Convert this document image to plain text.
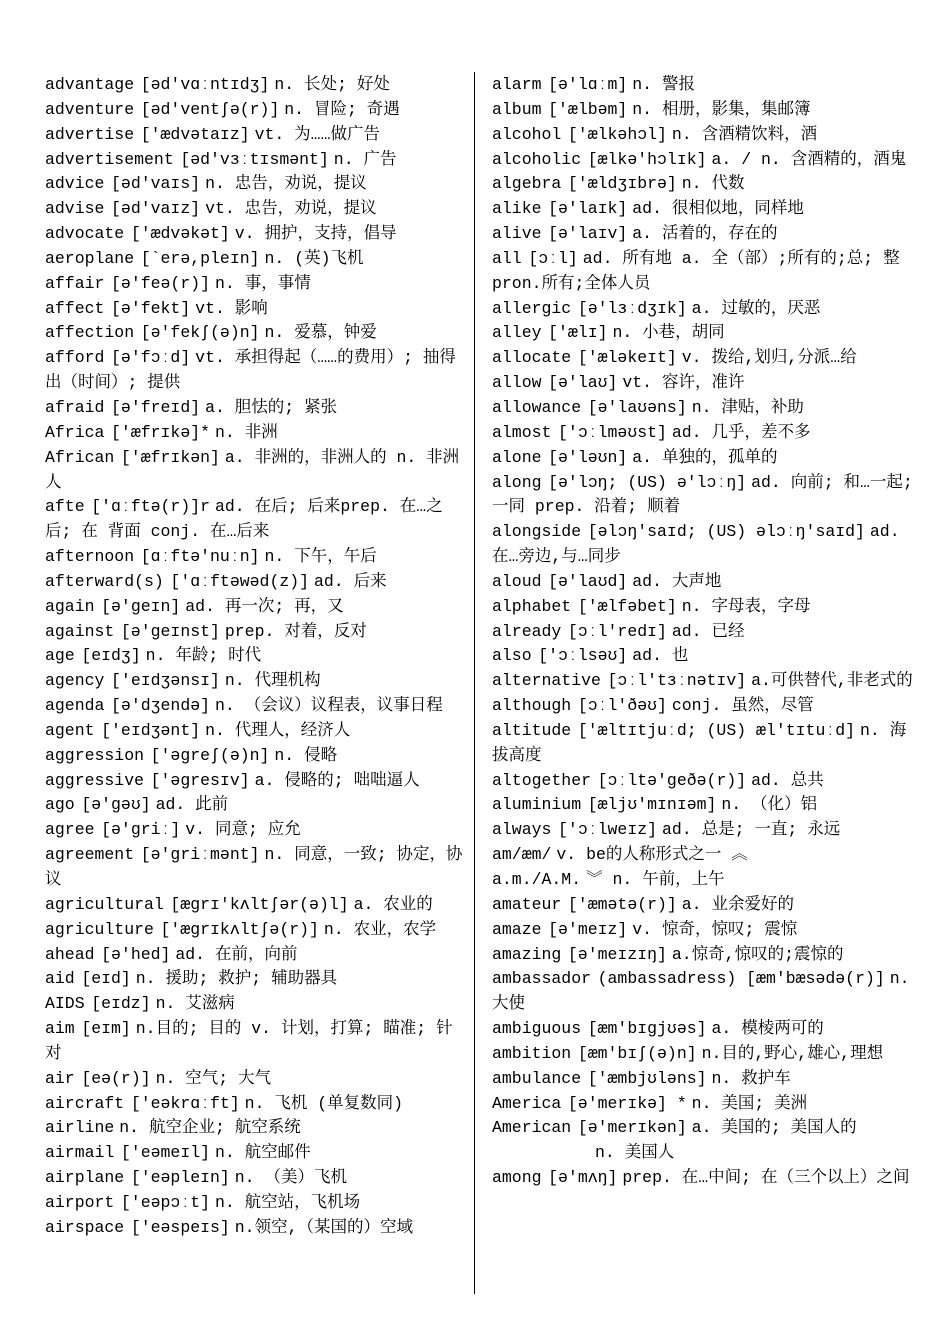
advantage [əd'vɑːntɪdʒ] n. 长处; 好处

adventure [əd'ventʃə(r)] n. 冒险; 奇遇

advertise ['ædvətaɪz] vt. 为……做广告

advertisement [əd'vɜːtɪsmənt] n. 广告

advice [əd'vaɪs] n. 忠告，劝说，提议

advise [əd'vaɪz] vt. 忠告，劝说，提议

advocate ['ædvəkət] v. 拥护，支持，倡导

aeroplane [`erə,pleɪn] n. (英)飞机

affair [ə'feə(r)] n. 事，事情

affect [ə'fekt] vt. 影响

affection [ə'fekʃ(ə)n] n. 爱慕，钟爱

afford [ə'fɔːd] vt. 承担得起（……的费用）; 抽得出（时间）; 提供

afraid [ə'freɪd] a. 胆怯的; 紧张

Africa ['æfrɪkə]* n. 非洲

African ['æfrɪkən] a. 非洲的，非洲人的 n. 非洲人

afte ['ɑːftə(r)]r ad. 在后; 后来prep. 在…之后; 在 背面 conj. 在…后来

afternoon [ɑːftə'nuːn] n. 下午，午后

afterward(s) ['ɑːftəwəd(z)] ad. 后来

again [ə'geɪn] ad. 再一次; 再，又

against [ə'geɪnst] prep. 对着，反对

age [eɪdʒ] n. 年龄; 时代

agency ['eɪdʒənsɪ] n. 代理机构

agenda [ə'dʒendə] n. （会议）议程表，议事日程

agent ['eɪdʒənt] n. 代理人，经济人

aggression ['əgreʃ(ə)n] n. 侵略

aggressive ['əgresɪv] a. 侵略的; 咄咄逼人

ago [ə'gəʊ] ad. 此前

agree [ə'griː] v. 同意; 应允

agreement [ə'griːmənt] n. 同意，一致; 协定，协议

agricultural [ægrɪ'kʌltʃər(ə)l] a. 农业的

agriculture ['ægrɪkʌltʃə(r)] n. 农业，农学

ahead [ə'hed] ad. 在前，向前

aid [eɪd] n. 援助; 救护; 辅助器具

AIDS [eɪdz] n. 艾滋病

aim [eɪm] n.目的; 目的 v. 计划，打算; 瞄准; 针对

air [eə(r)] n. 空气; 大气

aircraft ['eəkrɑːft] n. 飞机 (单复数同)

airline n. 航空企业; 航空系统

airmail ['eəmeɪl] n. 航空邮件

airplane ['eəpleɪn] n. （美）飞机

airport ['eəpɔːt] n. 航空站，飞机场

airspace ['eəspeɪs] n.领空,（某国的）空域

alarm [ə'lɑːm] n. 警报

album ['ælbəm] n. 相册，影集，集邮簿

alcohol ['ælkəhɔl] n. 含酒精饮料，酒

alcoholic [ælkə'hɔlɪk] a. / n. 含酒精的，酒鬼

algebra ['ældʒɪbrə] n. 代数

alike [ə'laɪk] ad. 很相似地，同样地

alive [ə'laɪv] a. 活着的，存在的

all [ɔːl] ad. 所有地 a. 全（部）;所有的;总; 整 pron.所有;全体人员

allergic [ə'lɜːdʒɪk] a. 过敏的，厌恶

alley ['ælɪ] n. 小巷，胡同

allocate ['æləkeɪt] v. 拨给,划归,分派…给

allow [ə'laʊ] vt. 容许，准许

allowance [ə'laʊəns] n. 津贴，补助

almost ['ɔːlməʊst] ad. 几乎，差不多

alone [ə'ləʊn] a. 单独的，孤单的

along [ə'lɔŋ; (US) ə'lɔːŋ] ad. 向前; 和…一起; 一同 prep. 沿着; 顺着

alongside [əlɔŋ'saɪd; (US) əlɔːŋ'saɪd] ad.在…旁边,与…同步

aloud [ə'laʊd] ad. 大声地

alphabet ['ælfəbet] n. 字母表，字母

already [ɔːl'redɪ] ad. 已经

also ['ɔːlsəʊ] ad. 也

alternative [ɔːl'tɜːnətɪv] a.可供替代,非老式的

although [ɔːl'ðəʊ] conj. 虽然，尽管

altitude ['æltɪtjuːd; (US) æl'tɪtuːd] n. 海拔高度

altogether [ɔːltə'geðə(r)] ad. 总共

aluminium [ælјʊ'mɪnɪəm] n. （化）铝

always ['ɔːlweɪz] ad. 总是; 一直; 永远

am/æm/ v. be的人称形式之一 ︽

a.m./A.M. ︾ n. 午前，上午

amateur ['æmətə(r)] a. 业余爱好的

amaze [ə'meɪz] v. 惊奇，惊叹; 震惊

amazing [ə'meɪzɪŋ] a.惊奇,惊叹的;震惊的

ambassador (ambassadress) [æm'bæsədə(r)] n.大使

ambiguous [æm'bɪgjʊəs] a. 模棱两可的

ambition [æm'bɪʃ(ə)n] n.目的,野心,雄心,理想

ambulance ['æmbjʊləns] n. 救护车

America [ə'merɪkə] * n. 美国; 美洲

American [ə'merɪkən] a. 美国的; 美国人的

n. 美国人

among [ə'mʌŋ] prep. 在…中间; 在（三个以上）之间
